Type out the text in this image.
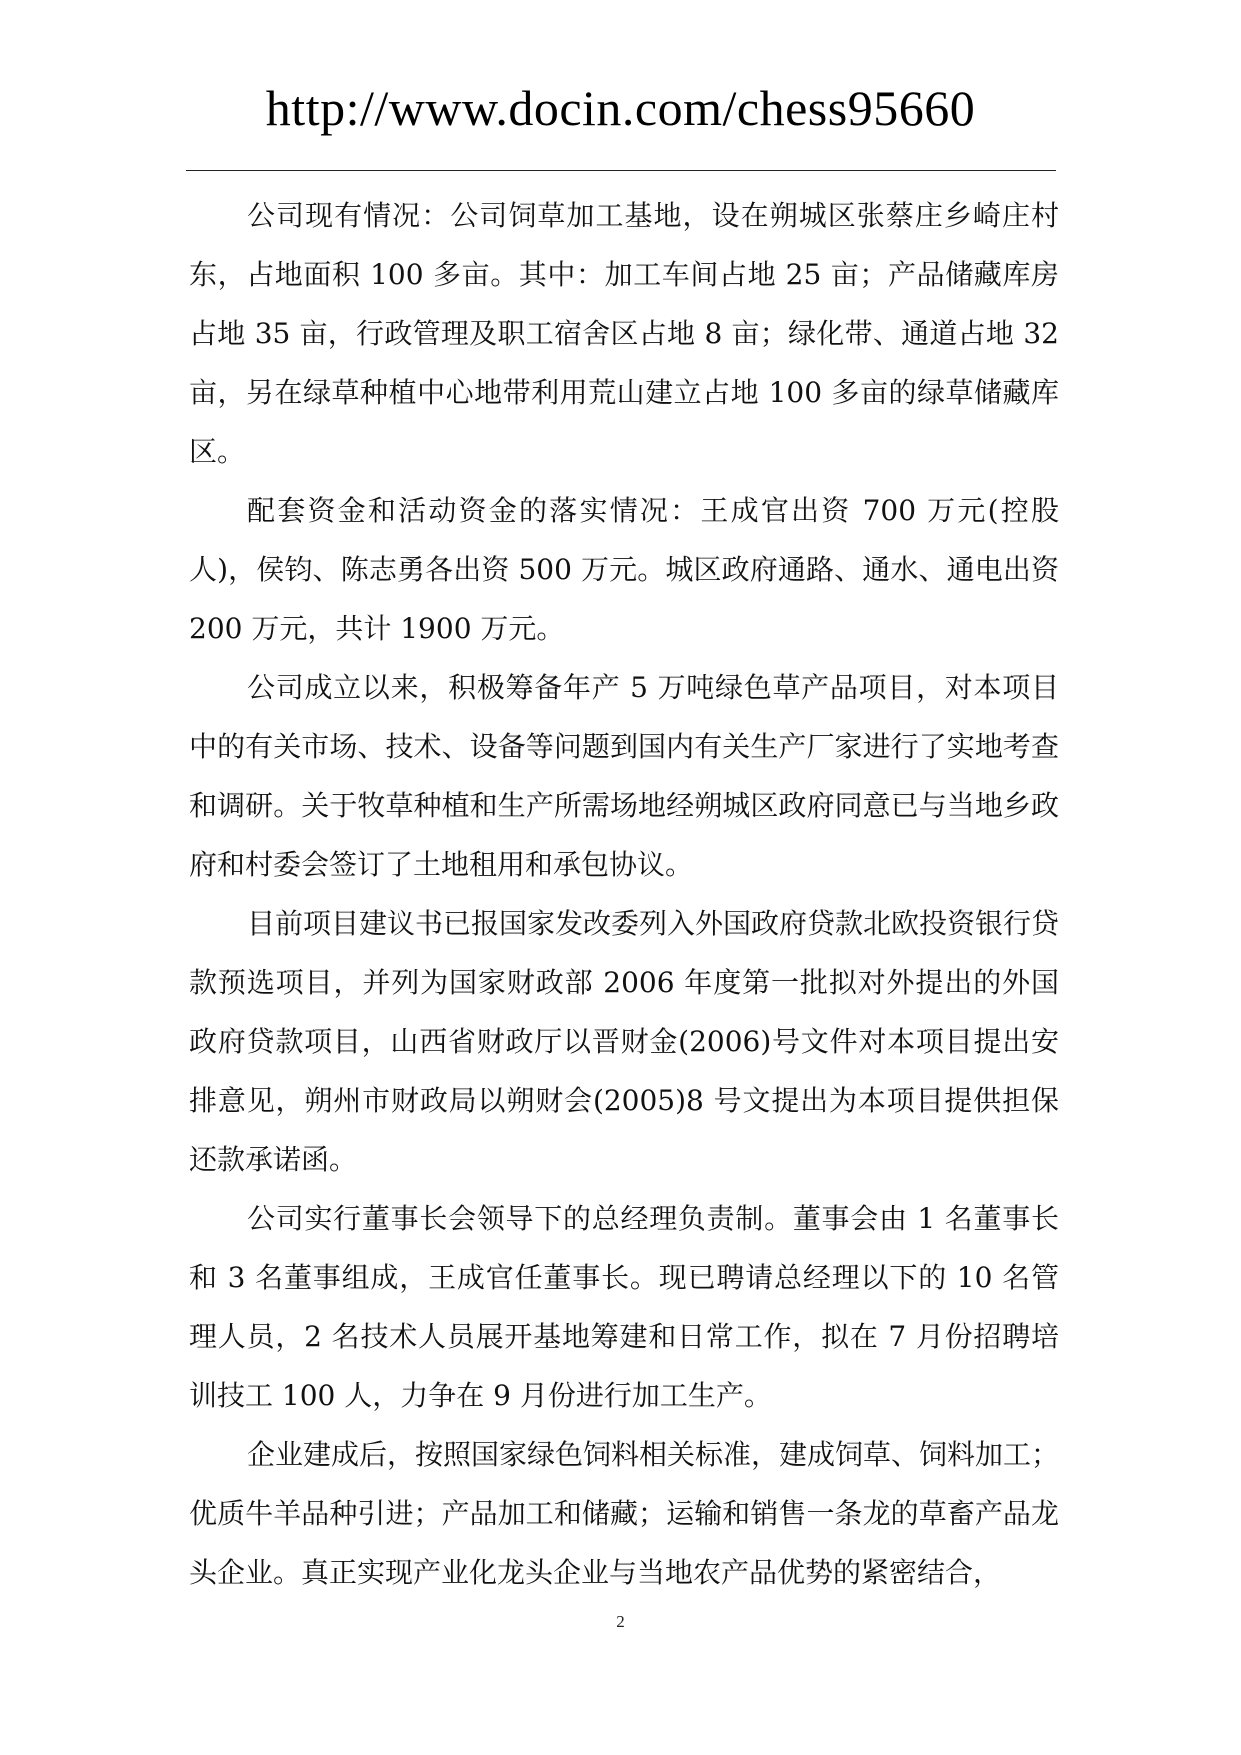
http://www.docin.com/chess95660

公司现有情况：公司饲草加工基地，设在朔城区张蔡庄乡崎庄村东，占地面积 100 多亩。其中：加工车间占地 25 亩；产品储藏库房占地 35 亩，行政管理及职工宿舍区占地 8 亩；绿化带、通道占地 32 亩，另在绿草种植中心地带利用荒山建立占地 100 多亩的绿草储藏库区。

配套资金和活动资金的落实情况：王成官出资 700 万元(控股人)，侯钧、陈志勇各出资 500 万元。城区政府通路、通水、通电出资 200 万元，共计 1900 万元。

公司成立以来，积极筹备年产 5 万吨绿色草产品项目，对本项目中的有关市场、技术、设备等问题到国内有关生产厂家进行了实地考查和调研。关于牧草种植和生产所需场地经朔城区政府同意已与当地乡政府和村委会签订了土地租用和承包协议。

目前项目建议书已报国家发改委列入外国政府贷款北欧投资银行贷款预选项目，并列为国家财政部 2006 年度第一批拟对外提出的外国政府贷款项目，山西省财政厅以晋财金(2006)号文件对本项目提出安排意见，朔州市财政局以朔财会(2005)8 号文提出为本项目提供担保还款承诺函。

公司实行董事长会领导下的总经理负责制。董事会由 1 名董事长和 3 名董事组成，王成官任董事长。现已聘请总经理以下的 10 名管理人员，2 名技术人员展开基地筹建和日常工作，拟在 7 月份招聘培训技工 100 人，力争在 9 月份进行加工生产。

企业建成后，按照国家绿色饲料相关标准，建成饲草、饲料加工；优质牛羊品种引进；产品加工和储藏；运输和销售一条龙的草畜产品龙头企业。真正实现产业化龙头企业与当地农产品优势的紧密结合，

2
